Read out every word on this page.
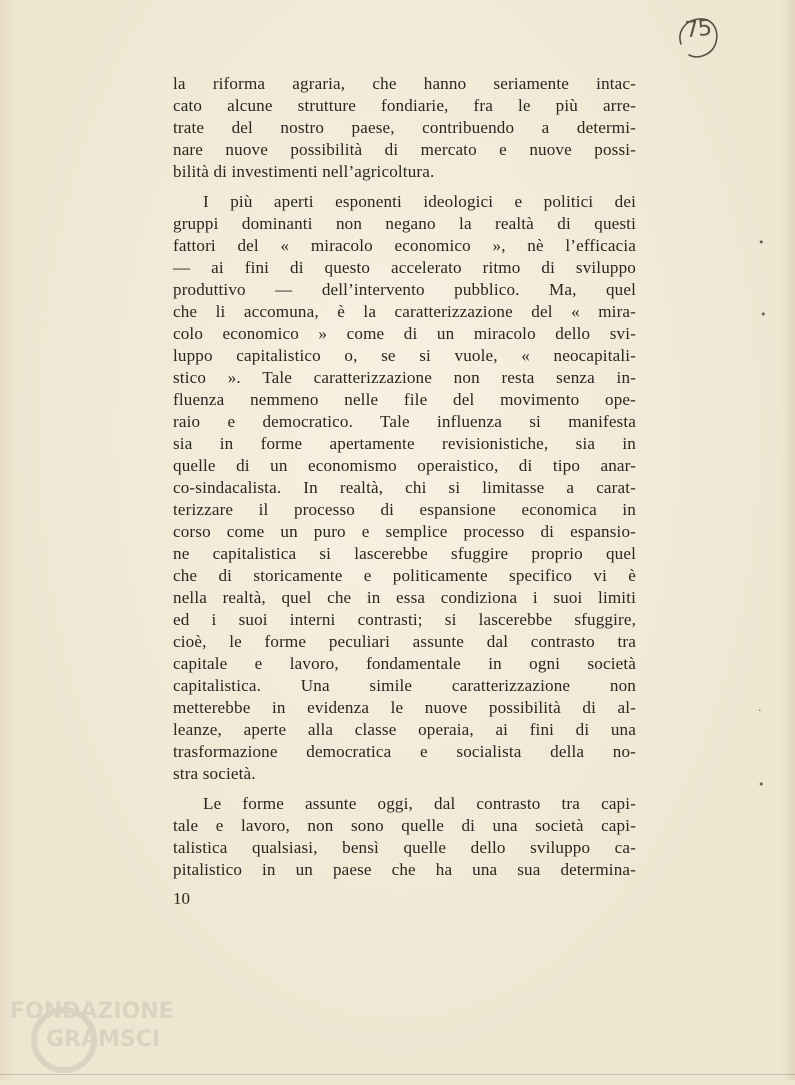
75
la riforma agraria, che hanno seriamente intac-
cato alcune strutture fondiarie, fra le più arre-
trate del nostro paese, contribuendo a determi-
nare nuove possibilità di mercato e nuove possi-
bilità di investimenti nell’agricoltura.
I più aperti esponenti ideologici e politici dei
gruppi dominanti non negano la realtà di questi
fattori del « miracolo economico », nè l’efficacia
— ai fini di questo accelerato ritmo di sviluppo
produttivo — dell’intervento pubblico. Ma, quel
che li accomuna, è la caratterizzazione del « mira-
colo economico » come di un miracolo dello svi-
luppo capitalistico o, se si vuole, « neocapitali-
stico ». Tale caratterizzazione non resta senza in-
fluenza nemmeno nelle file del movimento ope-
raio e democratico. Tale influenza si manifesta
sia in forme apertamente revisionistiche, sia in
quelle di un economismo operaistico, di tipo anar-
co-sindacalista. In realtà, chi si limitasse a carat-
terizzare il processo di espansione economica in
corso come un puro e semplice processo di espansio-
ne capitalistica si lascerebbe sfuggire proprio quel
che di storicamente e politicamente specifico vi è
nella realtà, quel che in essa condiziona i suoi limiti
ed i suoi interni contrasti; si lascerebbe sfuggire,
cioè, le forme peculiari assunte dal contrasto tra
capitale e lavoro, fondamentale in ogni società
capitalistica. Una simile caratterizzazione non
metterebbe in evidenza le nuove possibilità di al-
leanze, aperte alla classe operaia, ai fini di una
trasformazione democratica e socialista della no-
stra società.
Le forme assunte oggi, dal contrasto tra capi-
tale e lavoro, non sono quelle di una società capi-
talistica qualsiasi, bensì quelle dello sviluppo ca-
pitalistico in un paese che ha una sua determina-
10
•
•
·
•
FONDAZIONE
GRAMSCI
